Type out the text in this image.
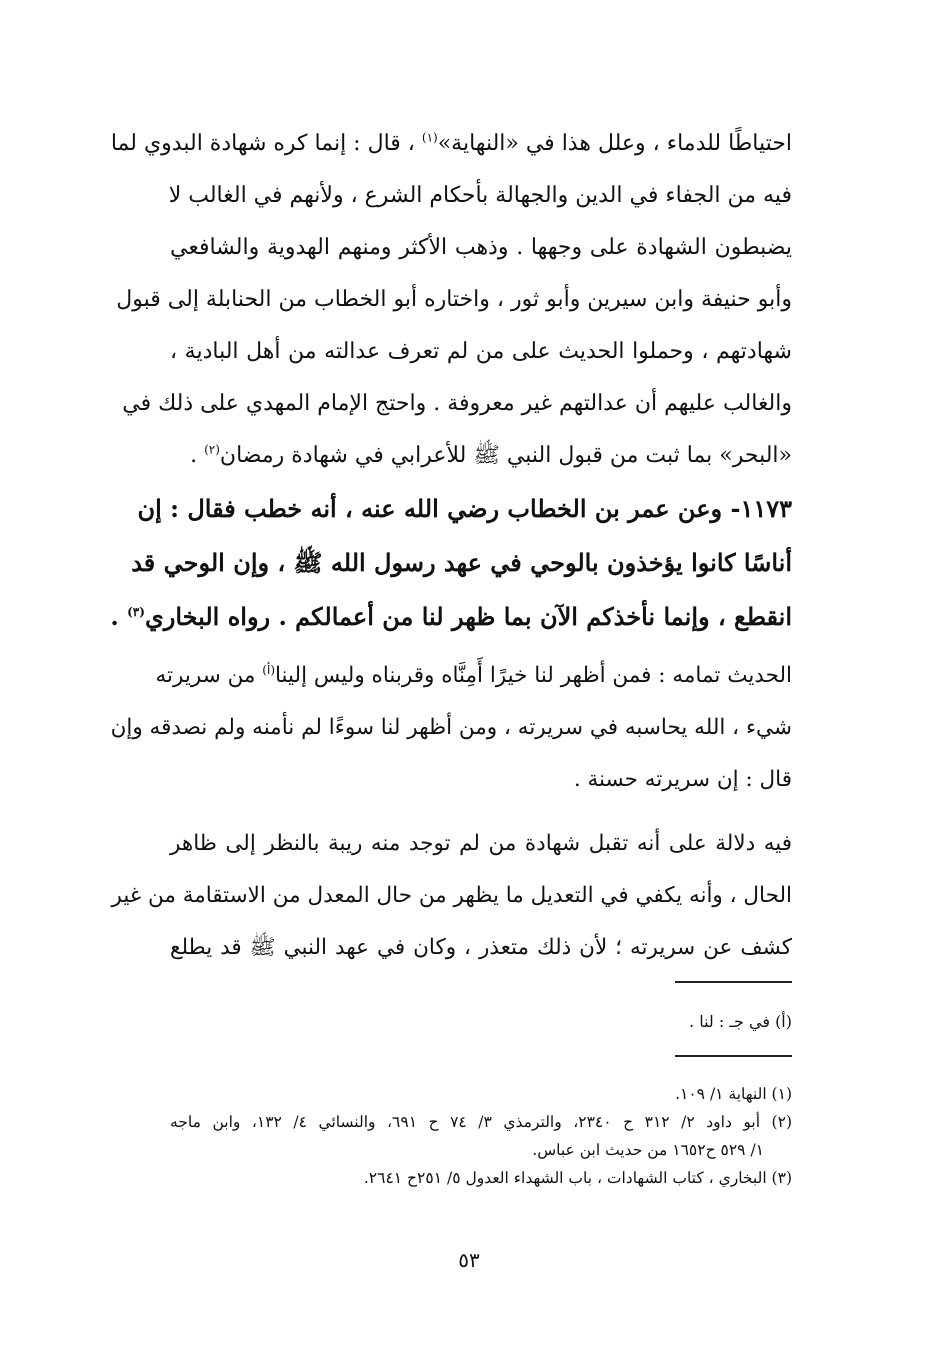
احتياطًا للدماء ، وعلل هذا في «النهاية»$^{(١)}$ ، قال : إنما كره شهادة البدوي لما
فيه من الجفاء في الدين والجهالة بأحكام الشرع ، ولأنهم في الغالب لا
يضبطون الشهادة على وجهها . وذهب الأكثر ومنهم الهدوية والشافعي
وأبو حنيفة وابن سيرين وأبو ثور ، واختاره أبو الخطاب من الحنابلة إلى قبول
شهادتهم ، وحملوا الحديث على من لم تعرف عدالته من أهل البادية ،
والغالب عليهم أن عدالتهم غير معروفة . واحتج الإمام المهدي على ذلك في
«البحر» بما ثبت من قبول النبي ﷺ للأعرابي في شهادة رمضان$^{(٢)}$ .
١١٧٣- وعن عمر بن الخطاب رضي الله عنه ، أنه خطب فقال : إن
أناسًا كانوا يؤخذون بالوحي في عهد رسول الله ﷺ ، وإن الوحي قد
انقطع ، وإنما نأخذكم الآن بما ظهر لنا من أعمالكم . رواه البخاري$^{(٣)}$ .
الحديث تمامه : فمن أظهر لنا خيرًا أَمِنَّاه وقربناه وليس إلينا$^{(أ)}$ من سريرته
شيء ، الله يحاسبه في سريرته ، ومن أظهر لنا سوءًا لم نأمنه ولم نصدقه وإن
قال : إن سريرته حسنة .
فيه دلالة على أنه تقبل شهادة من لم توجد منه ريبة بالنظر إلى ظاهر
الحال ، وأنه يكفي في التعديل ما يظهر من حال المعدل من الاستقامة من غير
كشف عن سريرته ؛ لأن ذلك متعذر ، وكان في عهد النبي ﷺ قد يطلع
(أ) في جـ : لنا .
(١) النهاية ١/ ١٠٩.
(٢) أبو داود ٢/ ٣١٢ ح ٢٣٤٠، والترمذي ٣/ ٧٤ ح ٦٩١، والنسائي ٤/ ١٣٢، وابن ماجه
١/ ٥٢٩ ح١٦٥٢ من حديث ابن عباس.
(٣) البخاري ، كتاب الشهادات ، باب الشهداء العدول ٥/ ٢٥١ح ٢٦٤١.
٥٣
